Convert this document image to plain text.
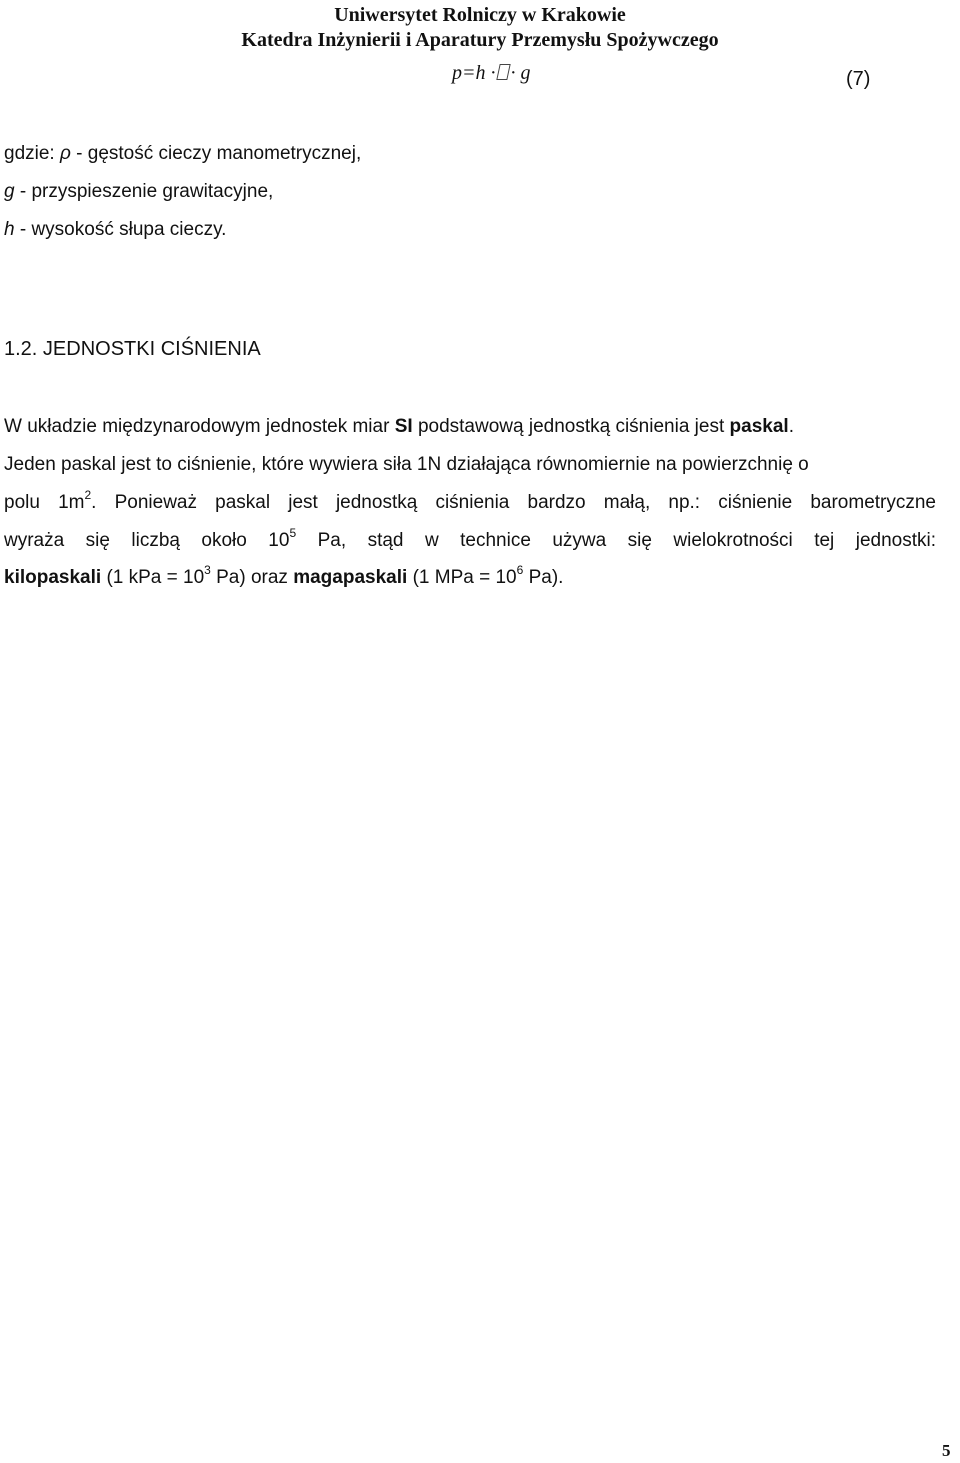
Uniwersytet Rolniczy w Krakowie
Katedra Inżynierii i Aparatury Przemysłu Spożywczego
p=h · · g	(7)
gdzie: ρ - gęstość cieczy manometrycznej,
g - przyspieszenie grawitacyjne,
h - wysokość słupa cieczy.
1.2. JEDNOSTKI CIŚNIENIA
W układzie międzynarodowym jednostek miar SI podstawową jednostką ciśnienia jest paskal.
Jeden paskal jest to ciśnienie, które wywiera siła 1N działająca równomiernie na powierzchnię o
polu $1m^2$. Ponieważ paskal jest jednostką ciśnienia bardzo małą, np.: ciśnienie barometryczne
wyraża się liczbą około $10^5$ Pa, stąd w technice używa się wielokrotności tej jednostki:
kilopaskali (1 kPa = $10^3$ Pa) oraz magapaskali (1 MPa = $10^6$ Pa).
5
